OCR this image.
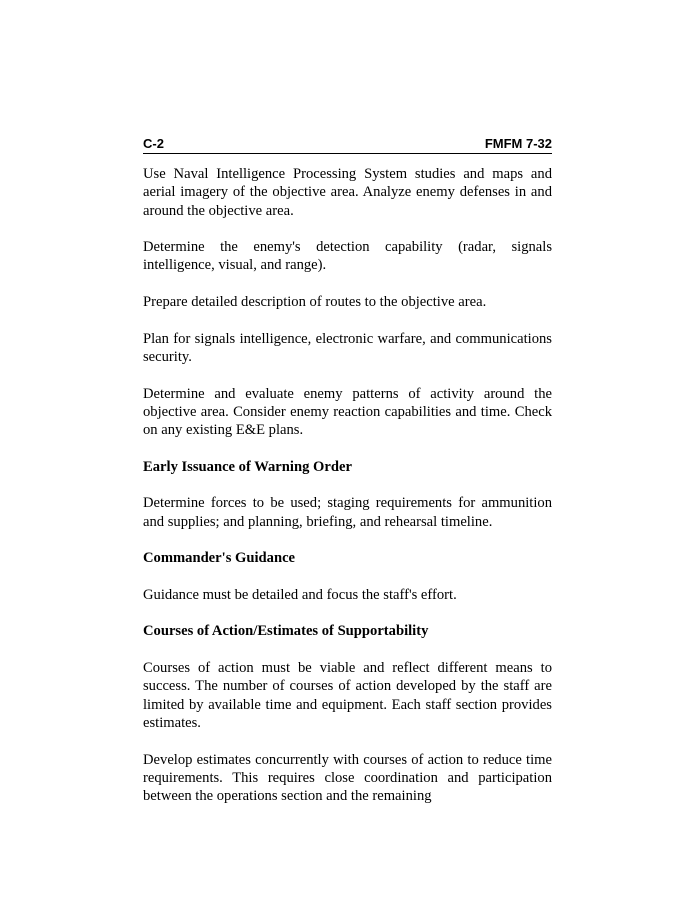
C-2	FMFM 7-32

Use Naval Intelligence Processing System studies and maps and aerial imagery of the objective area. Analyze enemy defenses in and around the objective area.

Determine the enemy's detection capability (radar, signals intelligence, visual, and range).

Prepare detailed description of routes to the objective area.

Plan for signals intelligence, electronic warfare, and communications security.

Determine and evaluate enemy patterns of activity around the objective area. Consider enemy reaction capabilities and time. Check on any existing E&E plans.

Early Issuance of Warning Order

Determine forces to be used; staging requirements for ammunition and supplies; and planning, briefing, and rehearsal timeline.

Commander's Guidance

Guidance must be detailed and focus the staff's effort.

Courses of Action/Estimates of Supportability

Courses of action must be viable and reflect different means to success. The number of courses of action developed by the staff are limited by available time and equipment. Each staff section provides estimates.

Develop estimates concurrently with courses of action to reduce time requirements. This requires close coordination and participation between the operations section and the remaining
